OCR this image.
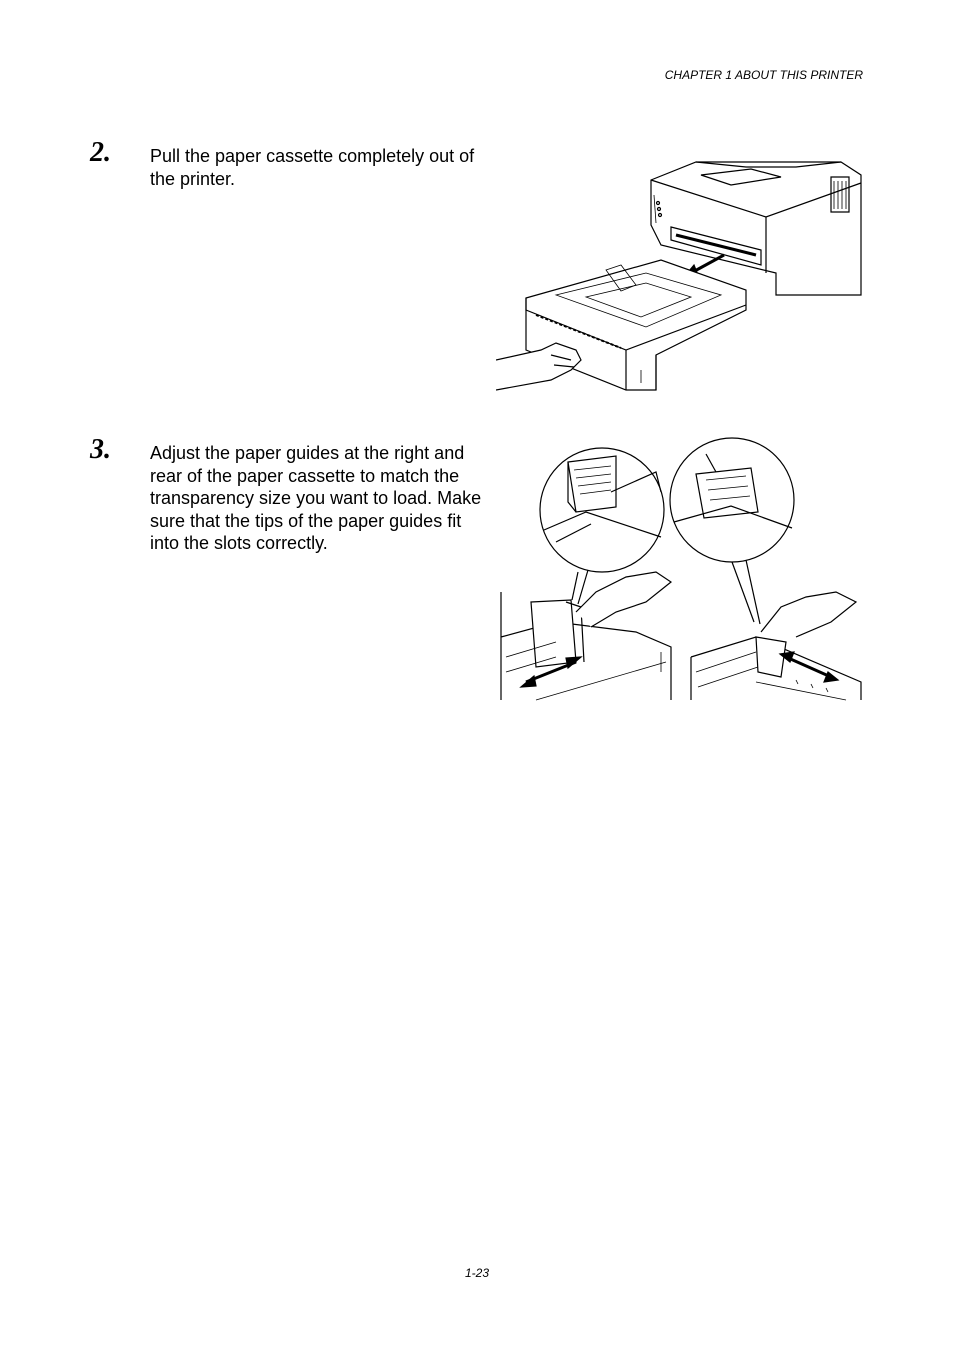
CHAPTER 1 ABOUT THIS PRINTER
2. Pull the paper cassette completely out of the printer.
3. Adjust the paper guides at the right and rear of the paper cassette to match the transparency size you want to load. Make sure that the tips of the paper guides fit into the slots correctly.
1-23
